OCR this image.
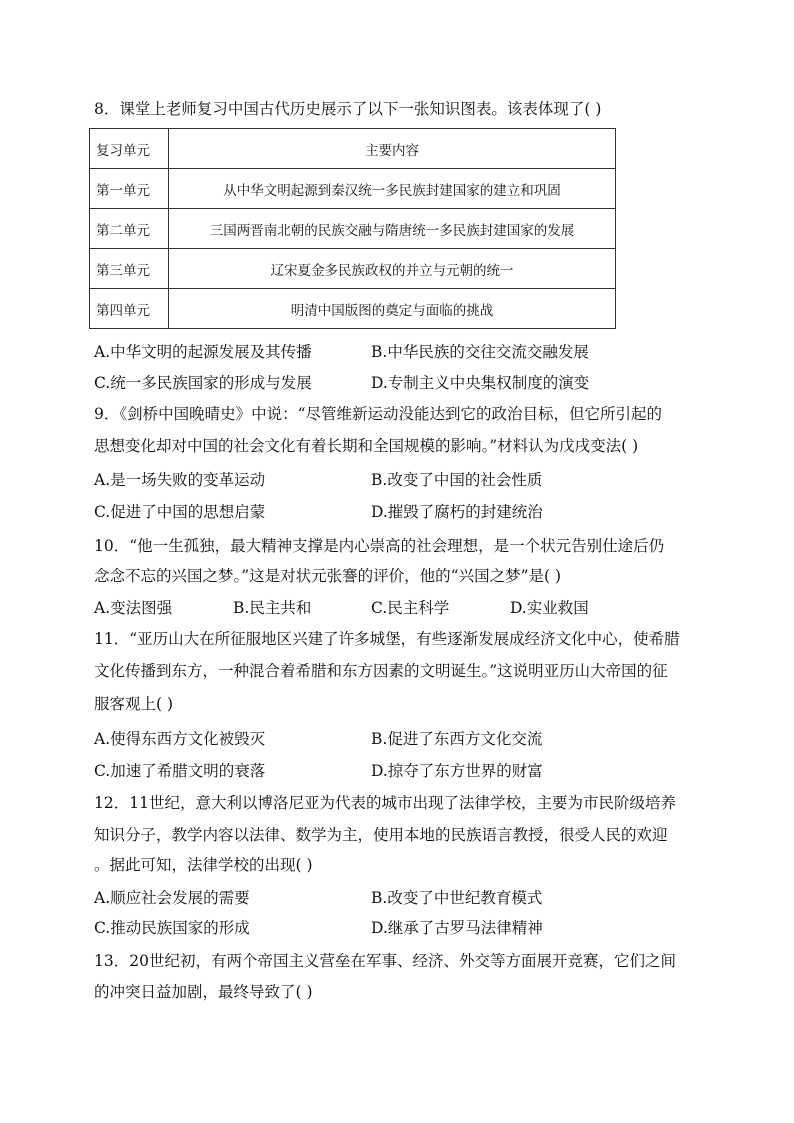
8．课堂上老师复习中国古代历史展示了以下一张知识图表。该表体现了( )
复习单元	主要内容
第一单元	从中华文明起源到秦汉统一多民族封建国家的建立和巩固
第二单元	三国两晋南北朝的民族交融与隋唐统一多民族封建国家的发展
第三单元	辽宋夏金多民族政权的并立与元朝的统一
第四单元	明清中国版图的奠定与面临的挑战
A.中华文明的起源发展及其传播	B.中华民族的交往交流交融发展
C.统一多民族国家的形成与发展	D.专制主义中央集权制度的演变
9．《剑桥中国晚晴史》中说：“尽管维新运动没能达到它的政治目标，但它所引起的
思想变化却对中国的社会文化有着长期和全国规模的影响。”材料认为戊戌变法( )
A.是一场失败的变革运动	B.改变了中国的社会性质
C.促进了中国的思想启蒙	D.摧毁了腐朽的封建统治
10．“他一生孤独，最大精神支撑是内心崇高的社会理想，是一个状元告别仕途后仍
念念不忘的兴国之梦。”这是对状元张謇的评价，他的“兴国之梦”是( )
A.变法图强	B.民主共和	C.民主科学	D.实业救国
11．“亚历山大在所征服地区兴建了许多城堡，有些逐渐发展成经济文化中心，使希腊
文化传播到东方，一种混合着希腊和东方因素的文明诞生。”这说明亚历山大帝国的征
服客观上( )
A.使得东西方文化被毁灭	B.促进了东西方文化交流
C.加速了希腊文明的衰落	D.掠夺了东方世界的财富
12．11世纪，意大利以博洛尼亚为代表的城市出现了法律学校，主要为市民阶级培养
知识分子，教学内容以法律、数学为主，使用本地的民族语言教授，很受人民的欢迎
。据此可知，法律学校的出现( )
A.顺应社会发展的需要	B.改变了中世纪教育模式
C.推动民族国家的形成	D.继承了古罗马法律精神
13．20世纪初，有两个帝国主义营垒在军事、经济、外交等方面展开竞赛，它们之间
的冲突日益加剧，最终导致了( )
